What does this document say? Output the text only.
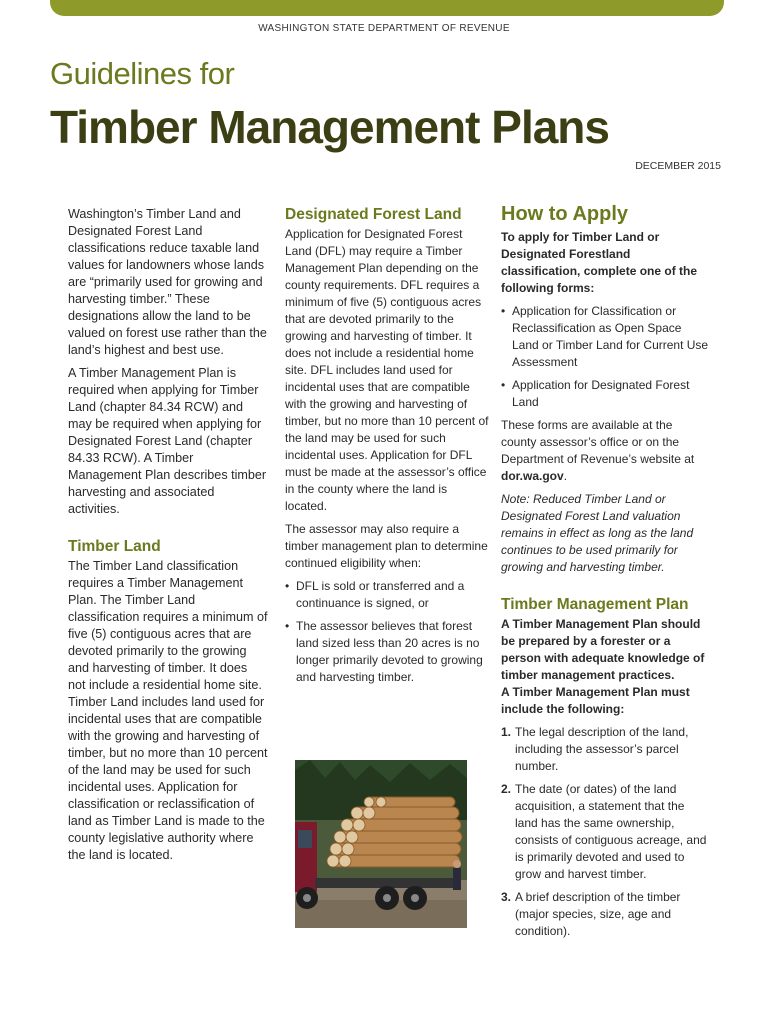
WASHINGTON STATE DEPARTMENT OF REVENUE
Guidelines for
Timber Management Plans
DECEMBER 2015

Washington’s Timber Land and Designated Forest Land classifications reduce taxable land values for landowners whose lands are “primarily used for growing and harvesting timber.” These designations allow the land to be valued on forest use rather than the land’s highest and best use.

A Timber Management Plan is required when applying for Timber Land (chapter 84.34 RCW) and may be required when applying for Designated Forest Land (chapter 84.33 RCW). A Timber Management Plan describes timber harvesting and associated activities.

Timber Land

The Timber Land classification requires a Timber Management Plan. The Timber Land classification requires a minimum of five (5) contiguous acres that are devoted primarily to the growing and harvesting of timber. It does not include a residential home site. Timber Land includes land used for incidental uses that are compatible with the growing and harvesting of timber, but no more than 10 percent of the land may be used for such incidental uses. Application for classification or reclassification of land as Timber Land is made to the county legislative authority where the land is located.

Designated Forest Land

Application for Designated Forest Land (DFL) may require a Timber Management Plan depending on the county requirements. DFL requires a minimum of five (5) contiguous acres that are devoted primarily to the growing and harvesting of timber. It does not include a residential home site. DFL includes land used for incidental uses that are compatible with the growing and harvesting of timber, but no more than 10 percent of the land may be used for such incidental uses. Application for DFL must be made at the assessor’s office in the county where the land is located.

The assessor may also require a timber management plan to determine continued eligibility when:

• DFL is sold or transferred and a continuance is signed, or
• The assessor believes that forest land sized less than 20 acres is no longer primarily devoted to growing and harvesting timber.
How to Apply

To apply for Timber Land or Designated Forestland classification, complete one of the following forms:

• Application for Classification or Reclassification as Open Space Land or Timber Land for Current Use Assessment
• Application for Designated Forest Land

These forms are available at the county assessor’s office or on the Department of Revenue’s website at dor.wa.gov.

Note: Reduced Timber Land or Designated Forest Land valuation remains in effect as long as the land continues to be used primarily for growing and harvesting timber.

Timber Management Plan

A Timber Management Plan should be prepared by a forester or a person with adequate knowledge of timber management practices.

A Timber Management Plan must include the following:

1. The legal description of the land, including the assessor’s parcel number.
2. The date (or dates) of the land acquisition, a statement that the land has the same ownership, consists of contiguous acreage, and is primarily devoted and used to grow and harvest timber.
3. A brief description of the timber (major species, size, age and condition).
